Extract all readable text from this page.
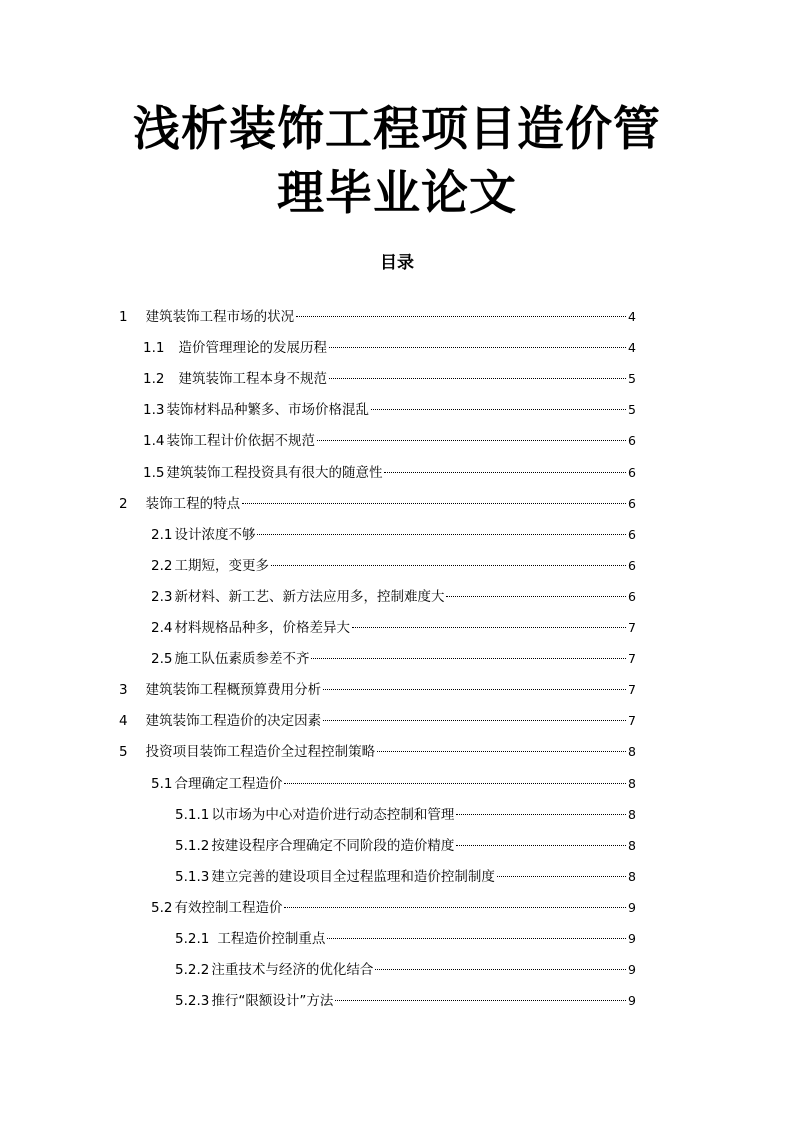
浅析装饰工程项目造价管
理毕业论文
目录
1 建筑装饰工程市场的状况	4
1.1 造价管理理论的发展历程	4
1.2 建筑装饰工程本身不规范	5
1.3 装饰材料品种繁多、市场价格混乱	5
1.4 装饰工程计价依据不规范	6
1.5 建筑装饰工程投资具有很大的随意性	6
2 装饰工程的特点	6
2.1 设计浓度不够	6
2.2 工期短，变更多	6
2.3 新材料、新工艺、新方法应用多，控制难度大	6
2.4 材料规格品种多，价格差异大	7
2.5 施工队伍素质参差不齐	7
3 建筑装饰工程概预算费用分析	7
4 建筑装饰工程造价的决定因素	7
5 投资项目装饰工程造价全过程控制策略	8
5.1 合理确定工程造价	8
5.1.1 以市场为中心对造价进行动态控制和管理	8
5.1.2 按建设程序合理确定不同阶段的造价精度	8
5.1.3 建立完善的建设项目全过程监理和造价控制制度	8
5.2 有效控制工程造价	9
5.2.1 工程造价控制重点	9
5.2.2 注重技术与经济的优化结合	9
5.2.3 推行“限额设计”方法	9
